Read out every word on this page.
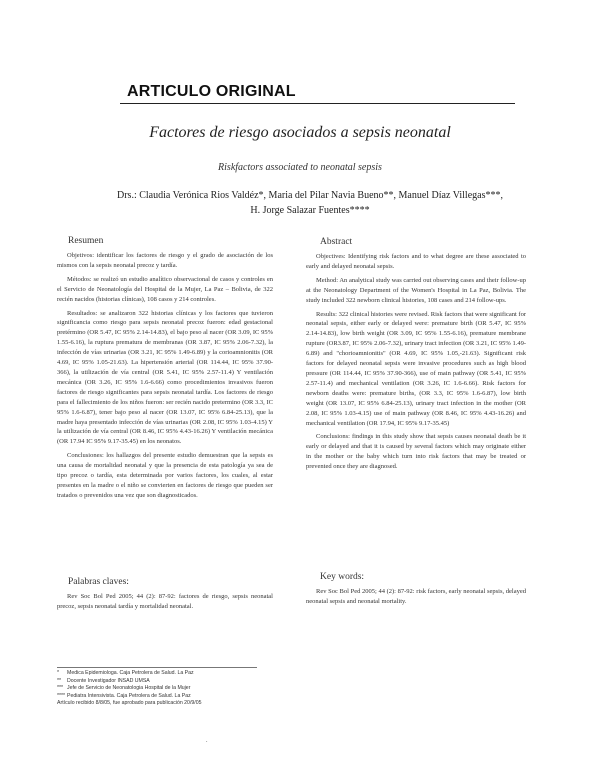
ARTICULO ORIGINAL
Factores de riesgo asociados a sepsis neonatal
Riskfactors associated to neonatal sepsis
Drs.: Claudia Verónica Rios Valdéz*, Maria del Pilar Navia Bueno**, Manuel Díaz Villegas***,
H. Jorge Salazar Fuentes****
Resumen

Objetivos: identificar los factores de riesgo y el grado de asociación de los mismos con la sepsis neonatal precoz y tardía.

Métodos: se realizó un estudio analítico observacional de casos y controles en el Servicio de Neonatología del Hospital de la Mujer, La Paz – Bolivia, de 322 recién nacidos (historias clínicas), 108 casos y 214 controles.

Resultados: se analizaron 322 historias clínicas y los factores que tuvieron significancia como riesgo para sepsis neonatal precoz fueron: edad gestacional pretérmino (OR 5.47, IC 95% 2.14-14.83), el bajo peso al nacer (OR 3.09, IC 95% 1.55-6.16), la ruptura prematura de membranas (OR 3.87, IC 95% 2.06-7.32), la infección de vías urinarias (OR 3.21, IC 95% 1.49-6.89) y la corioamnionitis (OR 4.69, IC 95% 1.05-21.63). La hipertensión arterial (OR 114.44, IC 95% 37.90-366), la utilización de vía central (OR 5.41, IC 95% 2.57-11.4) Y ventilación mecánica (OR 3.26, IC 95% 1.6-6.66) como procedimientos invasivos fueron factores de riesgo significantes para sepsis neonatal tardía. Los factores de riesgo para el fallecimiento de los niños fueron: ser recién nacido pretermino (OR 3.3, IC 95% 1.6-6.87), tener bajo peso al nacer (OR 13.07, IC 95% 6.84-25.13), que la madre haya presentado infección de vías urinarias (OR 2.08, IC 95% 1.03-4.15) Y la utilización de vía central (OR 8.46, IC 95% 4.43-16.26) Y ventilación mecánica (OR 17.94 IC 95% 9.17-35.45) en los neonatos.

Conclusiones: los hallazgos del presente estudio demuestran que la sepsis es una causa de mortalidad neonatal y que la presencia de esta patología ya sea de tipo precoz o tardía, esta determinada por varios factores, los cuales, al estar presentes en la madre o el niño se convierten en factores de riesgo que pueden ser tratados o prevenidos una vez que son diagnosticados.

Palabras claves:

Rev Soc Bol Ped 2005; 44 (2): 87-92: factores de riesgo, sepsis neonatal precoz, sepsis neonatal tardía y mortalidad neonatal.

Abstract

Objectives: Identifying risk factors and to what degree are these associated to early and delayed neonatal sepsis.

Method: An analytical study was carried out observing cases and their follow-up at the Neonatology Department of the Women's Hospital in La Paz, Bolivia. The study included 322 newborn clinical histories, 108 cases and 214 follow-ups.

Results: 322 clinical histories were revised. Risk factors that were significant for neonatal sepsis, either early or delayed were: premature birth (OR 5.47, IC 95% 2.14-14.83), low birth weight (OR 3.09, IC 95% 1.55-6.16), premature membrane rupture (OR3.87, IC 95% 2.06-7.32), urinary tract infection (OR 3.21, IC 95% 1.49-6.89) and "chorioamnionitis" (OR 4.69, IC 95% 1.05,-21.63). Significant risk factors for delayed neonatal sepsis were invasive procedures such as high blood pressure (OR 114.44, IC 95% 37.90-366), use of main pathway (OR 5.41, IC 95% 2.57-11.4) and mechanical ventilation (OR 3.26, IC 1.6-6.66). Risk factors for newborn deaths were: premature births, (OR 3.3, IC 95% 1.6-6.87), low birth weight (OR 13.07, IC 95% 6.84-25.13), urinary tract infection in the mother (OR 2.08, IC 95% 1.03-4.15) use of main pathway (OR 8.46, IC 95% 4.43-16.26) and mechanical ventilation (OR 17.94, IC 95% 9.17-35.45)

Conclusions: findings in this study show that sepsis causes neonatal death be it early or delayed and that it is caused by several factors which may originate either in the mother or the baby which turn into risk factors that may be treated or prevented once they are diagnosed.

Key words:

Rev Soc Bol Ped 2005; 44 (2): 87-92: risk factors, early neonatal sepsis, delayed neonatal sepsis and neonatal mortality.

*	Medica Epidemiologa. Caja Petrolera de Salud. La Paz
**	Docente Investigador INSAD UMSA
*** Jefe de Servicio de Neonatologia Hospital de la Mujer
**** Pediatra Intensivista. Caja Petrolera de Salud. La Paz
Artículo recibido 8/8/05, fue aprobado para publicación 20/9/05
.
